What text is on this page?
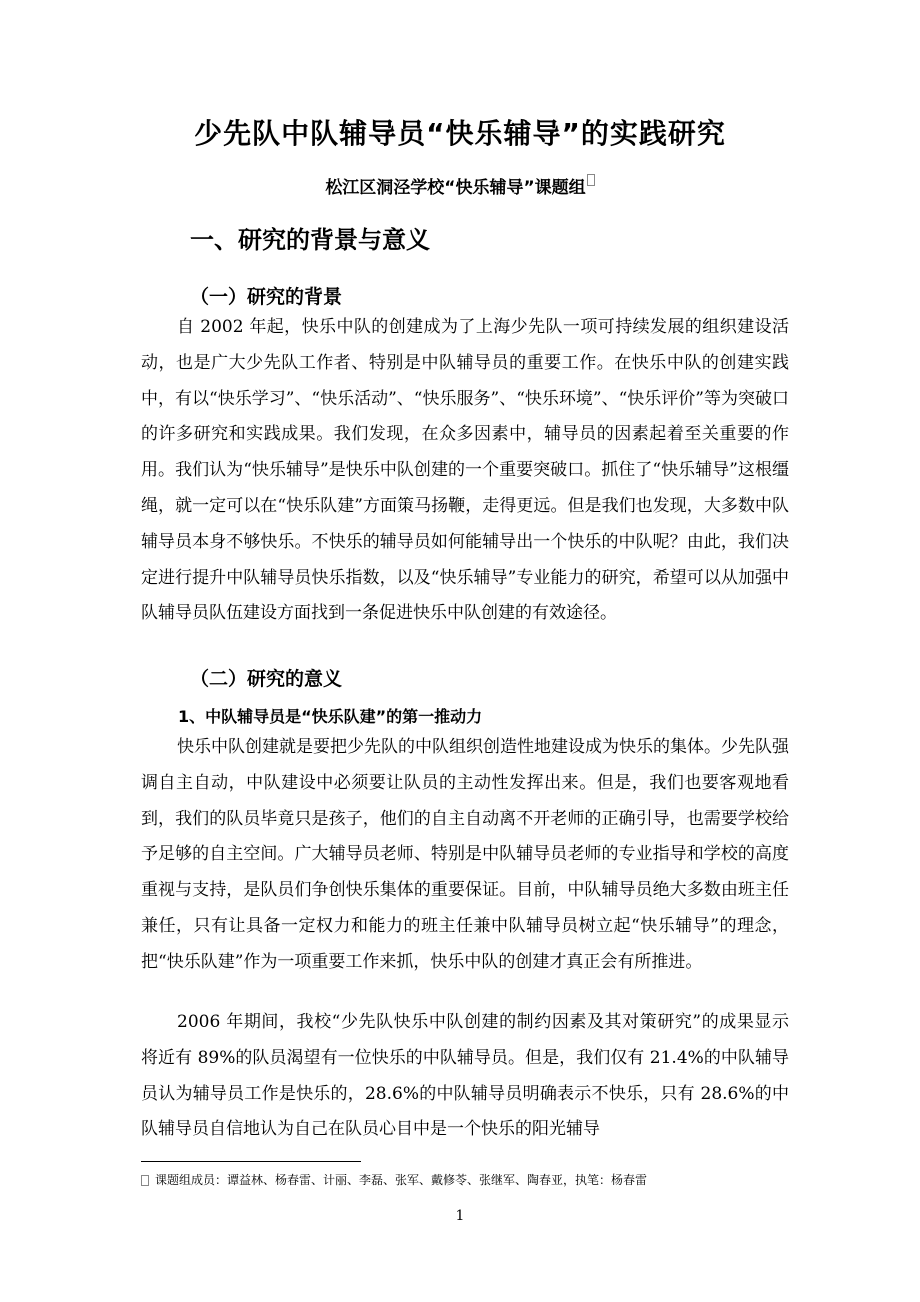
少先队中队辅导员“快乐辅导”的实践研究
松江区洞泾学校“快乐辅导”课题组
一、研究的背景与意义
（一）研究的背景

自 2002 年起，快乐中队的创建成为了上海少先队一项可持续发展的组织建设活动，也是广大少先队工作者、特别是中队辅导员的重要工作。在快乐中队的创建实践中，有以“快乐学习”、“快乐活动”、“快乐服务”、“快乐环境”、“快乐评价”等为突破口的许多研究和实践成果。我们发现，在众多因素中，辅导员的因素起着至关重要的作用。我们认为“快乐辅导”是快乐中队创建的一个重要突破口。抓住了“快乐辅导”这根缰绳，就一定可以在“快乐队建”方面策马扬鞭，走得更远。但是我们也发现，大多数中队辅导员本身不够快乐。不快乐的辅导员如何能辅导出一个快乐的中队呢？由此，我们决定进行提升中队辅导员快乐指数，以及“快乐辅导”专业能力的研究，希望可以从加强中队辅导员队伍建设方面找到一条促进快乐中队创建的有效途径。

（二）研究的意义
1、中队辅导员是“快乐队建”的第一推动力

快乐中队创建就是要把少先队的中队组织创造性地建设成为快乐的集体。少先队强调自主自动，中队建设中必须要让队员的主动性发挥出来。但是，我们也要客观地看到，我们的队员毕竟只是孩子，他们的自主自动离不开老师的正确引导，也需要学校给予足够的自主空间。广大辅导员老师、特别是中队辅导员老师的专业指导和学校的高度重视与支持，是队员们争创快乐集体的重要保证。目前，中队辅导员绝大多数由班主任兼任，只有让具备一定权力和能力的班主任兼中队辅导员树立起“快乐辅导”的理念，把“快乐队建”作为一项重要工作来抓，快乐中队的创建才真正会有所推进。

2006 年期间，我校“少先队快乐中队创建的制约因素及其对策研究”的成果显示 将近有 89%的队员渴望有一位快乐的中队辅导员。但是，我们仅有 21.4%的中队辅导员认为辅导员工作是快乐的，28.6%的中队辅导员明确表示不快乐，只有 28.6%的中队辅导员自信地认为自己在队员心目中是一个快乐的阳光辅导

课题组成员：谭益林、杨春雷、计丽、李磊、张军、戴修苓、张继军、陶春亚，执笔：杨春雷
1
